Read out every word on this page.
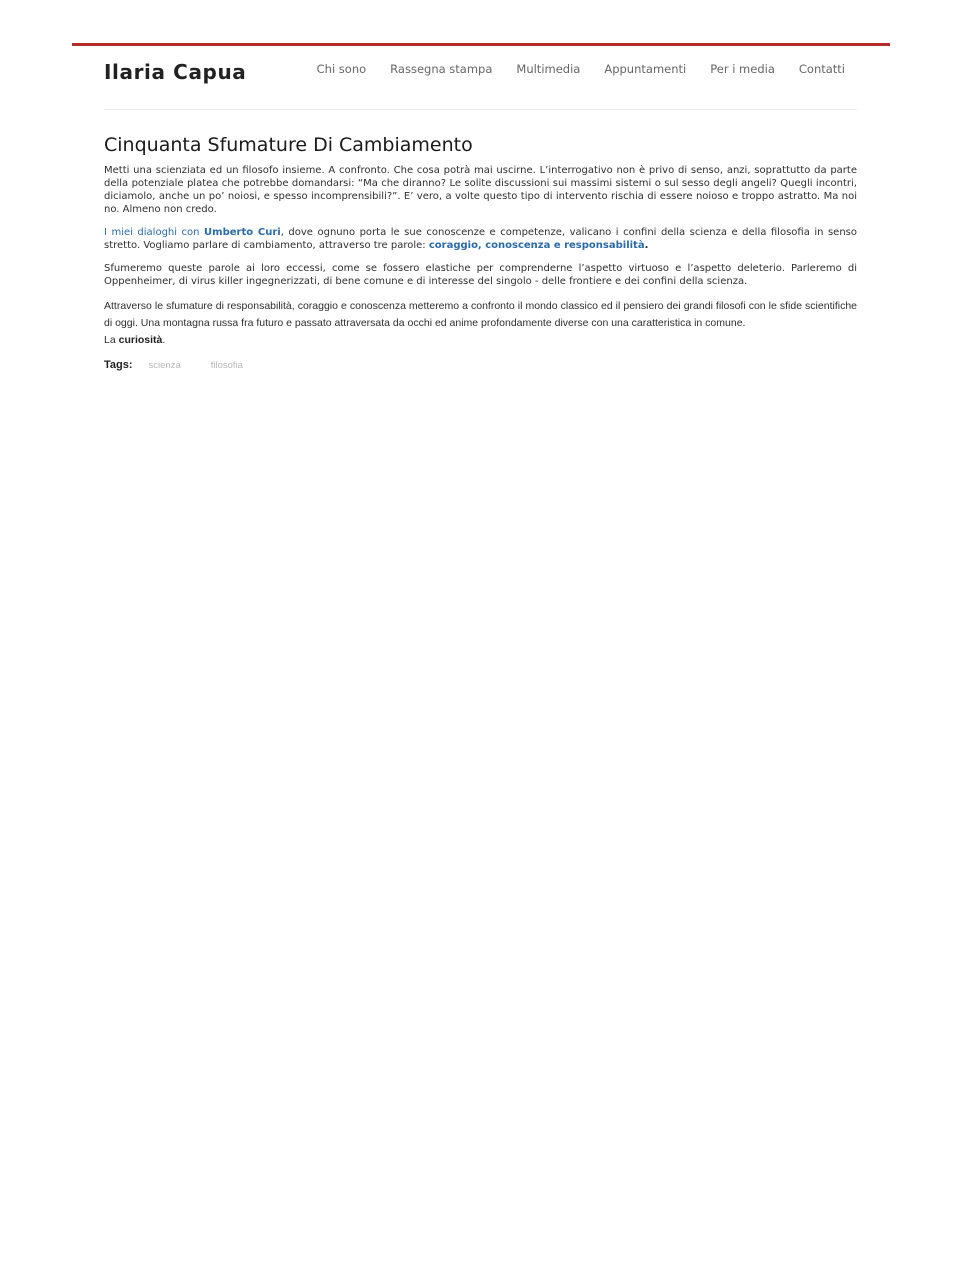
Ilaria Capua	Chi sono Rassegna stampa Multimedia Appuntamenti Per i media Contatti
Cinquanta Sfumature Di Cambiamento

Metti una scienziata ed un filosofo insieme. A confronto. Che cosa potrà mai uscirne. L’interrogativo non è privo di senso, anzi, soprattutto da parte della potenziale platea che potrebbe domandarsi: “Ma che diranno? Le solite discussioni sui massimi sistemi o sul sesso degli angeli? Quegli incontri, diciamolo, anche un po’ noiosi, e spesso incomprensibili?”. E’ vero, a volte questo tipo di intervento rischia di essere noioso e troppo astratto. Ma noi no. Almeno non credo.

I miei dialoghi con Umberto Curi, dove ognuno porta le sue conoscenze e competenze, valicano i confini della scienza e della filosofia in senso stretto. Vogliamo parlare di cambiamento, attraverso tre parole: coraggio, conoscenza e responsabilità.

Sfumeremo queste parole ai loro eccessi, come se fossero elastiche per comprenderne l’aspetto virtuoso e l’aspetto deleterio. Parleremo di Oppenheimer, di virus killer ingegnerizzati, di bene comune e di interesse del singolo - delle frontiere e dei confini della scienza.

Attraverso le sfumature di responsabilità, coraggio e conoscenza metteremo a confronto il mondo classico ed il pensiero dei grandi filosofi con le sfide scientifiche di oggi. Una montagna russa fra futuro e passato attraversata da occhi ed anime profondamente diverse con una caratteristica in comune.

La curiosità.

Tags: scienza	filosofia
